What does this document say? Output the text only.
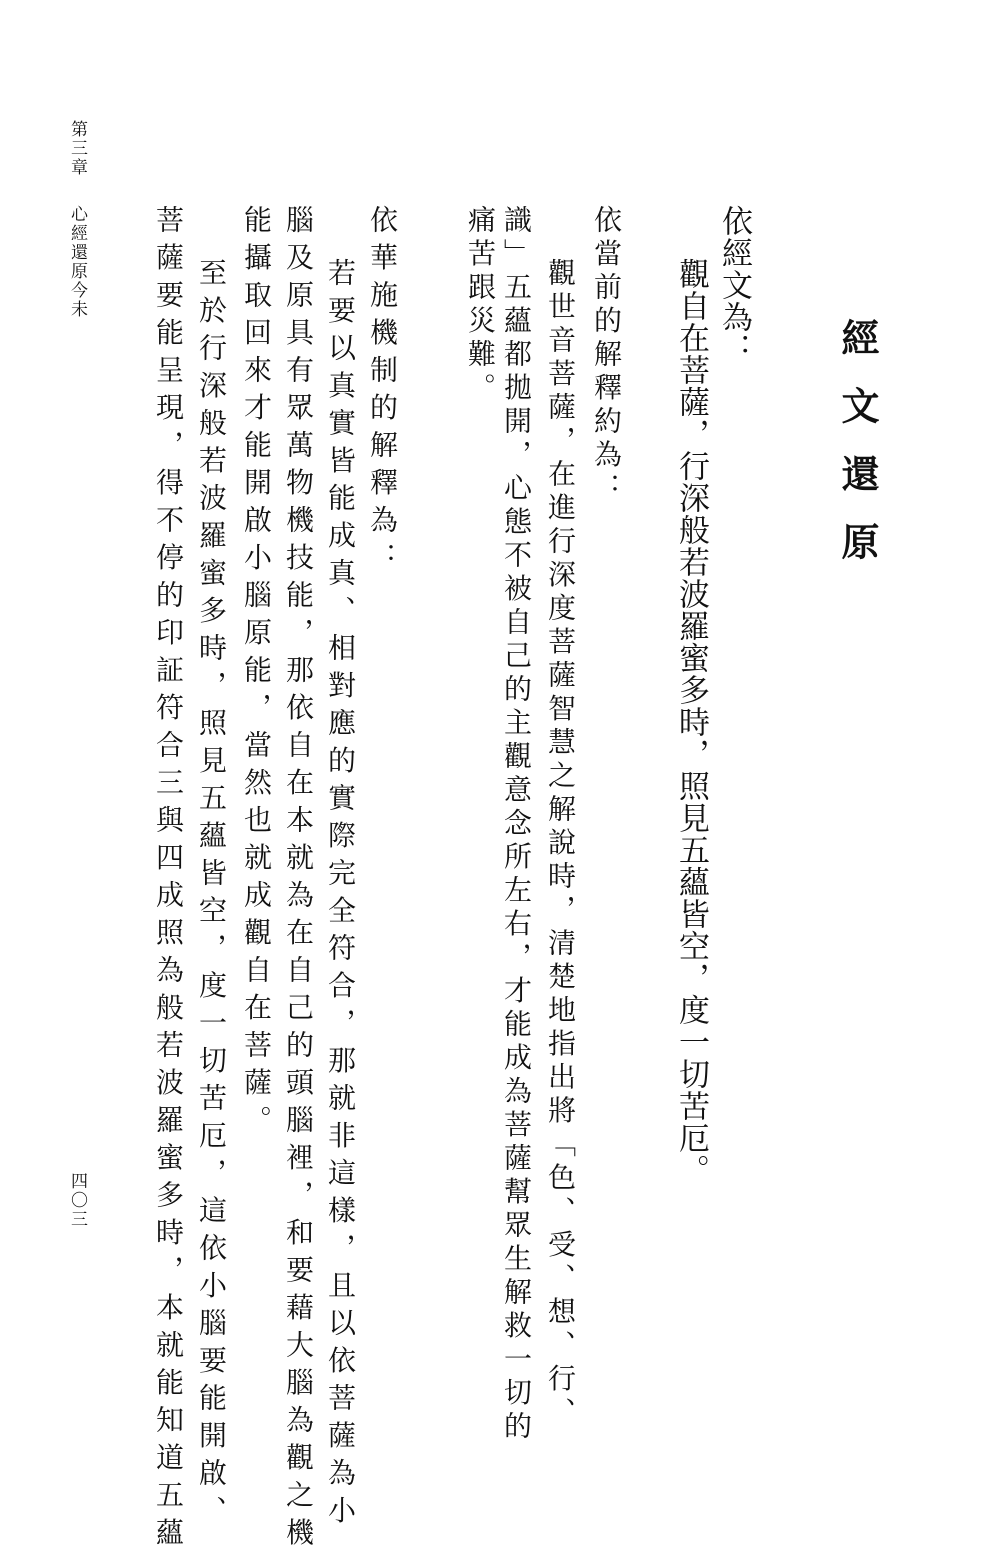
經文還原
依經文為：
觀自在菩薩，行深般若波羅蜜多時，照見五蘊皆空，度一切苦厄。
依當前的解釋約為：
觀世音菩薩，在進行深度菩薩智慧之解說時，清楚地指出將「色、受、想、行、
識」五蘊都拋開，心態不被自己的主觀意念所左右，才能成為菩薩幫眾生解救一切的
痛苦跟災難。
依華施機制的解釋為：
若要以真實皆能成真、相對應的實際完全符合，那就非這樣，且以依菩薩為小
腦及原具有眾萬物機技能，那依自在本就為在自己的頭腦裡，和要藉大腦為觀之機
能攝取回來才能開啟小腦原能，當然也就成觀自在菩薩。
至於行深般若波羅蜜多時，照見五蘊皆空，度一切苦厄，這依小腦要能開啟、
菩薩要能呈現，得不停的印証符合三與四成照為般若波羅蜜多時，本就能知道五蘊
第三章
心經還原今未
四〇三
